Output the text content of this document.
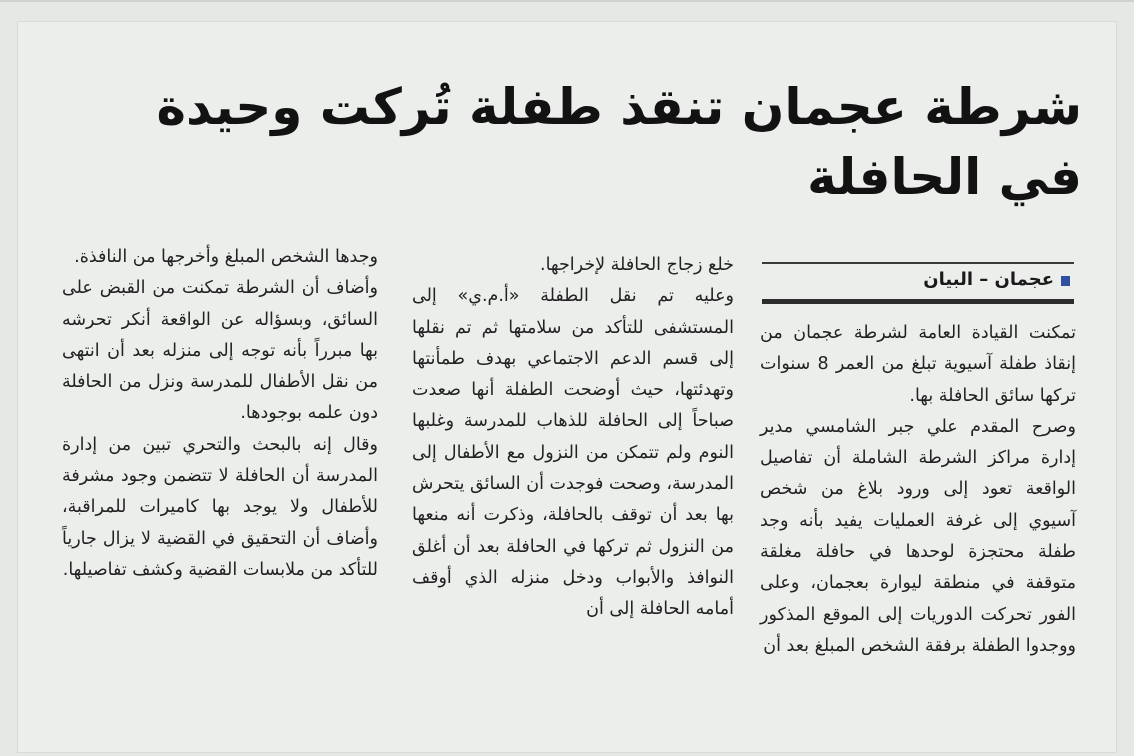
شرطة عجمان تنقذ طفلة تُركت وحيدة في الحافلة
عجمان – البيان

تمكنت القيادة العامة لشرطة عجمان من إنقاذ طفلة آسيوية تبلغ من العمر 8 سنوات تركها سائق الحافلة بها.

وصرح المقدم علي جبر الشامسي مدير إدارة مراكز الشرطة الشاملة أن تفاصيل الواقعة تعود إلى ورود بلاغ من شخص آسيوي إلى غرفة العمليات يفيد بأنه وجد طفلة محتجزة لوحدها في حافلة مغلقة متوقفة في منطقة ليوارة بعجمان، وعلى الفور تحركت الدوريات إلى الموقع المذكور ووجدوا الطفلة برفقة الشخص المبلغ بعد أن

خلع زجاج الحافلة لإخراجها.

وعليه تم نقل الطفلة «أ.م.ي» إلى المستشفى للتأكد من سلامتها ثم تم نقلها إلى قسم الدعم الاجتماعي بهدف طمأنتها وتهدئتها، حيث أوضحت الطفلة أنها صعدت صباحاً إلى الحافلة للذهاب للمدرسة وغلبها النوم ولم تتمكن من النزول مع الأطفال إلى المدرسة، وصحت فوجدت أن السائق يتحرش بها بعد أن توقف بالحافلة، وذكرت أنه منعها من النزول ثم تركها في الحافلة بعد أن أغلق النوافذ والأبواب ودخل منزله الذي أوقف أمامه الحافلة إلى أن

وجدها الشخص المبلغ وأخرجها من النافذة.

وأضاف أن الشرطة تمكنت من القبض على السائق، وبسؤاله عن الواقعة أنكر تحرشه بها مبرراً بأنه توجه إلى منزله بعد أن انتهى من نقل الأطفال للمدرسة ونزل من الحافلة دون علمه بوجودها.

وقال إنه بالبحث والتحري تبين من إدارة المدرسة أن الحافلة لا تتضمن وجود مشرفة للأطفال ولا يوجد بها كاميرات للمراقبة، وأضاف أن التحقيق في القضية لا يزال جارياً للتأكد من ملابسات القضية وكشف تفاصيلها.
